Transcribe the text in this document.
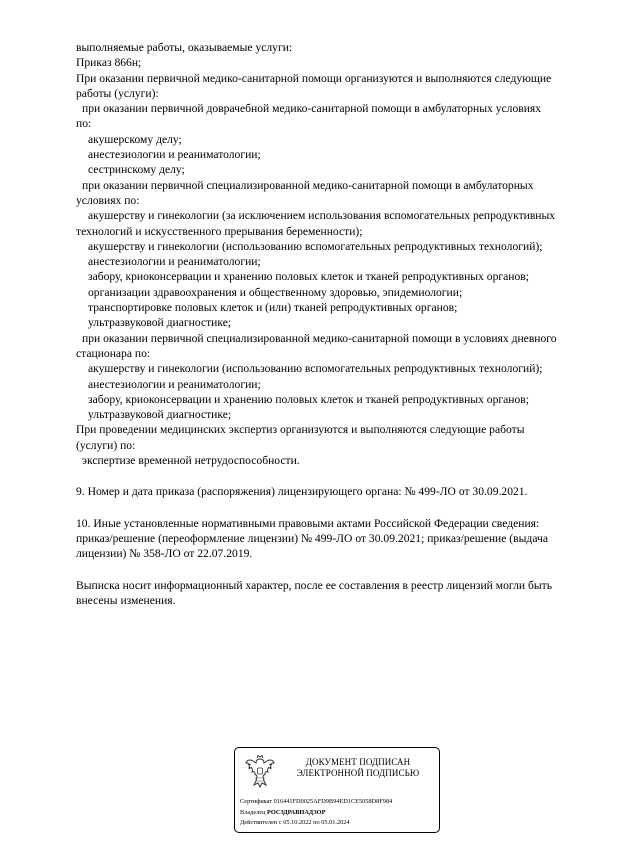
выполняемые работы, оказываемые услуги:
Приказ 866н;
При оказании первичной медико-санитарной помощи организуются и выполняются следующие
работы (услуги):
при оказании первичной доврачебной медико-санитарной помощи в амбулаторных условиях
по:
акушерскому делу;
анестезиологии и реаниматологии;
сестринскому делу;
при оказании первичной специализированной медико-санитарной помощи в амбулаторных
условиях по:
акушерству и гинекологии (за исключением использования вспомогательных репродуктивных
технологий и искусственного прерывания беременности);
акушерству и гинекологии (использованию вспомогательных репродуктивных технологий);
анестезиологии и реаниматологии;
забору, криоконсервации и хранению половых клеток и тканей репродуктивных органов;
организации здравоохранения и общественному здоровью, эпидемиологии;
транспортировке половых клеток и (или) тканей репродуктивных органов;
ультразвуковой диагностике;
при оказании первичной специализированной медико-санитарной помощи в условиях дневного
стационара по:
акушерству и гинекологии (использованию вспомогательных репродуктивных технологий);
анестезиологии и реаниматологии;
забору, криоконсервации и хранению половых клеток и тканей репродуктивных органов;
ультразвуковой диагностике;
При проведении медицинских экспертиз организуются и выполняются следующие работы
(услуги) по:
экспертизе временной нетрудоспособности.
9. Номер и дата приказа (распоряжения) лицензирующего органа: № 499-ЛО от 30.09.2021.
10. Иные установленные нормативными правовыми актами Российской Федерации сведения:
приказ/решение (переоформление лицензии) № 499-ЛО от 30.09.2021; приказ/решение (выдача
лицензии) № 358-ЛО от 22.07.2019.
Выписка носит информационный характер, после ее составления в реестр лицензий могли быть
внесены изменения.
ДОКУМЕНТ ПОДПИСАН
ЭЛЕКТРОННОЙ ПОДПИСЬЮ
Сертификат 016441FD0025AFD9B94ED1CE5058D8F984
Владелец РОСЗДРАВНАДЗОР
Действителен с 05.10.2022 по 05.01.2024
